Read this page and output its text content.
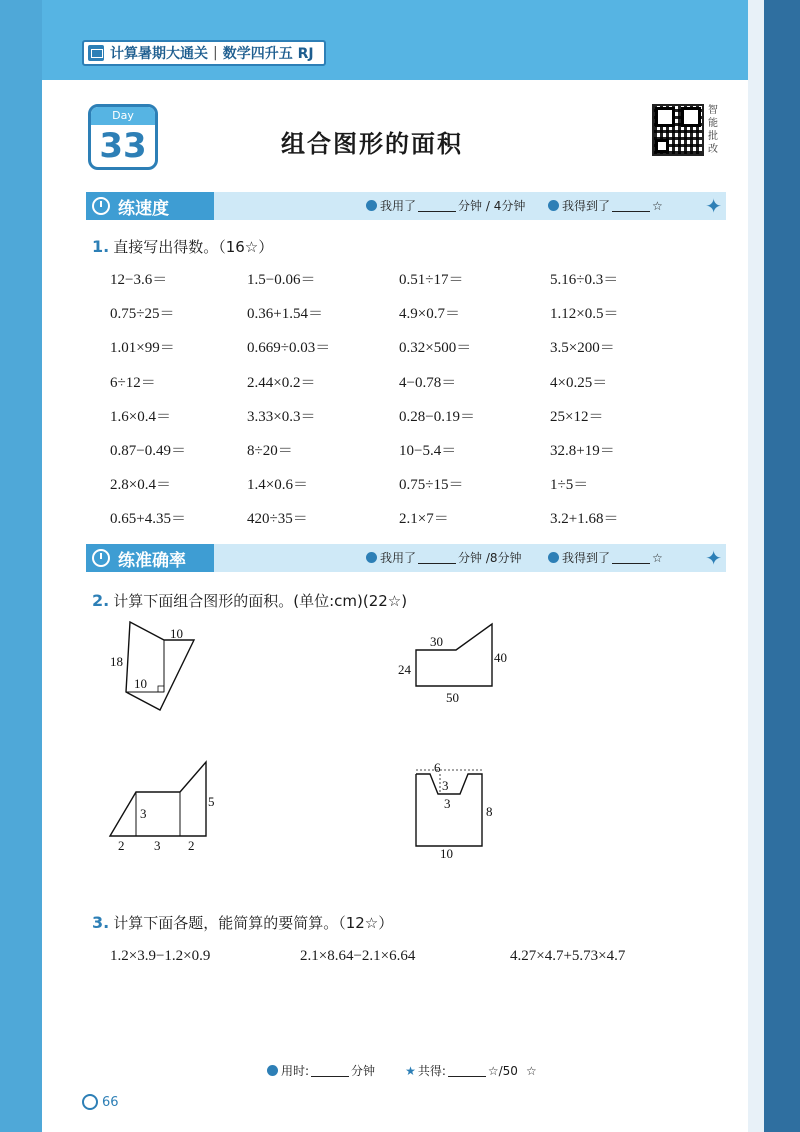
计算暑期大通关 | 数学四升五 RJ
Day
33	组合图形的面积
智能批改
练速度	我用了	分钟 / 4分钟	我得到了	☆ ✦
1. 直接写出得数。（16☆）
12−3.6＝	1.5−0.06＝	0.51÷17＝	5.16÷0.3＝
0.75÷25＝	0.36+1.54＝	4.9×0.7＝	1.12×0.5＝
1.01×99＝	0.669÷0.03＝	0.32×500＝	3.5×200＝
6÷12＝	2.44×0.2＝	4−0.78＝	4×0.25＝
1.6×0.4＝	3.33×0.3＝	0.28−0.19＝	25×12＝
0.87−0.49＝	8÷20＝	10−5.4＝	32.8+19＝
2.8×0.4＝	1.4×0.6＝	0.75÷15＝	1÷5＝
0.65+4.35＝	420÷35＝	2.1×7＝	3.2+1.68＝
练准确率	我用了	分钟 /8分钟	我得到了	☆ ✦
2. 计算下面组合图形的面积。(单位:cm)(22☆)
10
18
10
30
24
40
50
3
5
2 3 2
6
3
3
8
10
3. 计算下面各题，能简算的要简算。（12☆）
1.2×3.9−1.2×0.9	2.1×8.64−2.1×6.64	4.27×4.7+5.73×4.7
用时:	分钟	★ 共得:	☆/50 ☆
66
